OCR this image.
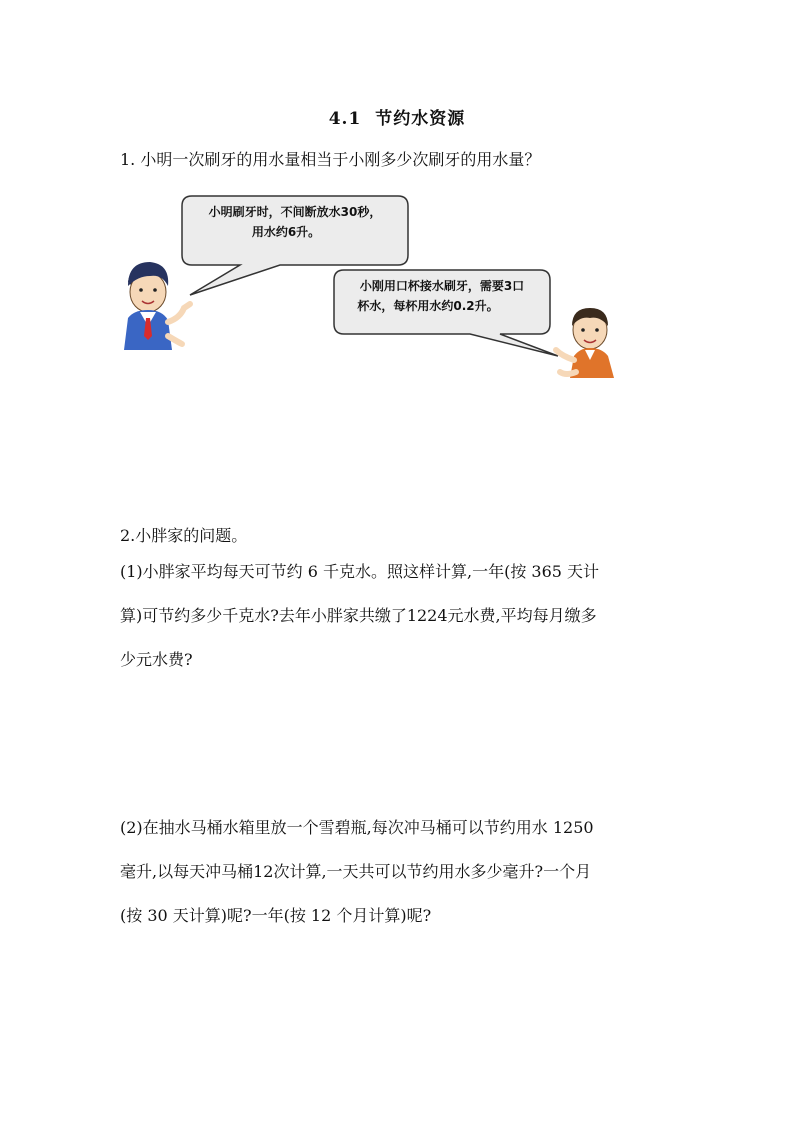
4.1 节约水资源

1. 小明一次刷牙的用水量相当于小刚多少次刷牙的用水量？

小明刷牙时，不间断放水30秒，
用水约6升。
小刚用口杯接水刷牙，需要3口
杯水，每杯用水约0.2升。

2.小胖家的问题。

(1)小胖家平均每天可节约 6 千克水。照这样计算,一年(按 365 天计

算)可节约多少千克水?去年小胖家共缴了1224元水费,平均每月缴多

少元水费?

(2)在抽水马桶水箱里放一个雪碧瓶,每次冲马桶可以节约用水 1250

毫升,以每天冲马桶12次计算,一天共可以节约用水多少毫升?一个月

(按 30 天计算)呢?一年(按 12 个月计算)呢?
